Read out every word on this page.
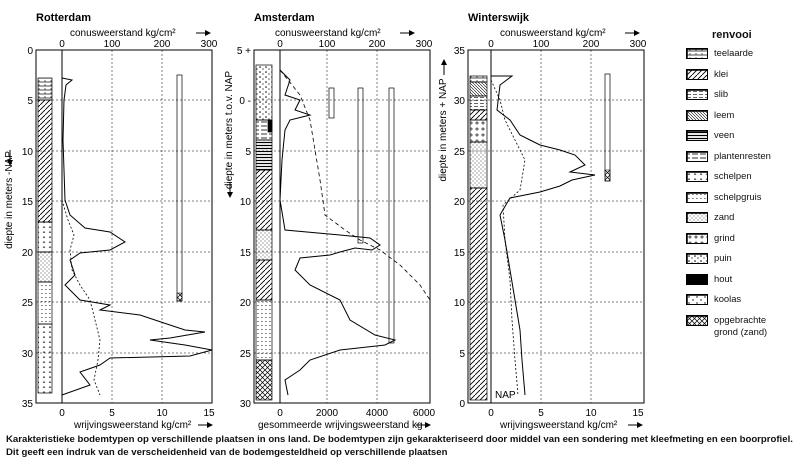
Rotterdam
conusweerstand kg/cm²
0	100	200	300
0
5
10
15
20
25
30
35
diepte in meters -NAP
0	5	10	15
wrijvingsweerstand kg/cm²
Amsterdam
conusweerstand kg/cm²
0	100	200	300
5 +
0 -
5
10
15
20
25
30
diepte in meters t.o.v. NAP
0	2000	4000 6000
gesommeerde wrijvingsweerstand kg
Winterswijk
conusweerstand kg/cm²
0	100	200	300
35
30
25
20
15
10
5
0
diepte in meters + NAP
NAP
0	5	10	15
wrijvingsweerstand kg/cm²

renvooi

teelaarde
klei
slib
leem
veen
plantenresten
schelpen
schelpgruis
zand
grind
puin
hout
koolas
opgebrachte
grond (zand)

Karakteristieke bodemtypen op verschillende plaatsen in ons land. De bodemtypen zijn gekarakteriseerd door middel van een sondering met kleefmeting en een boorprofiel. Dit geeft een indruk van de verscheidenheid van de bodemgesteldheid op verschillende plaatsen
